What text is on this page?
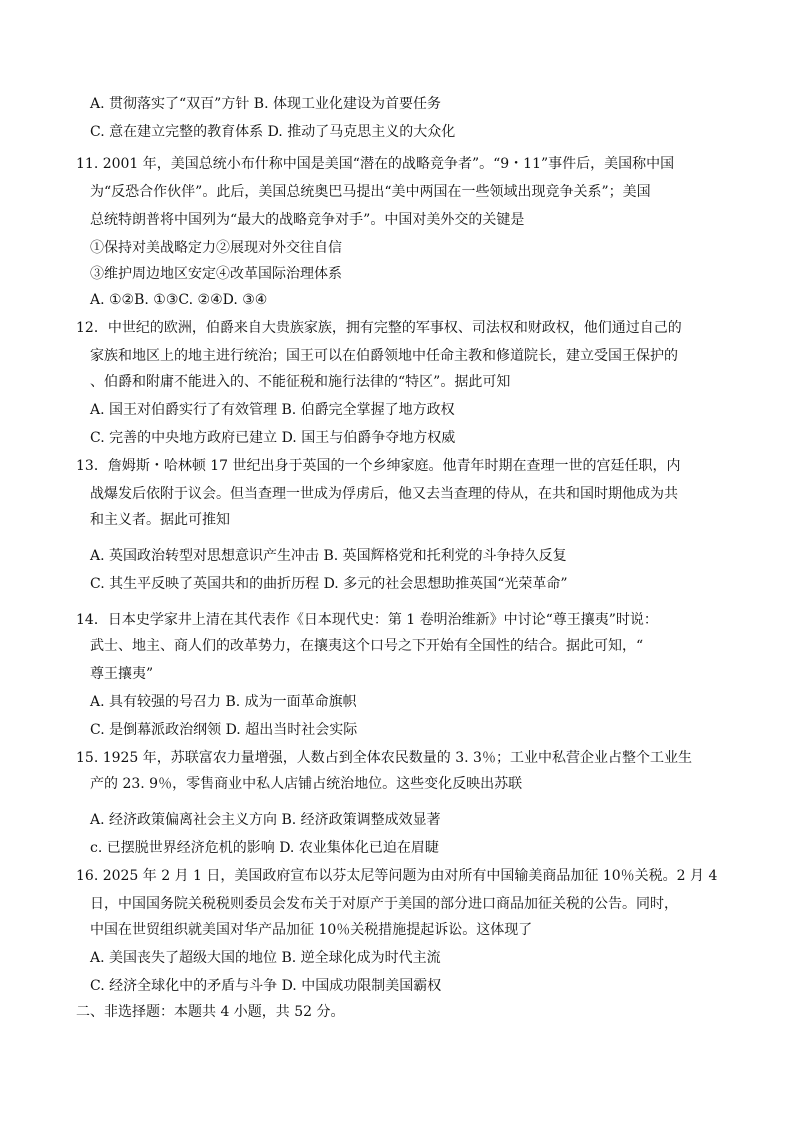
A. 贯彻落实了“双百”方针 B. 体现工业化建设为首要任务
C. 意在建立完整的教育体系 D. 推动了马克思主义的大众化
11. 2001 年，美国总统小布什称中国是美国“潜在的战略竞争者”。“9・11”事件后，美国称中国
为“反恐合作伙伴”。此后，美国总统奥巴马提出“美中两国在一些领域出现竞争关系”；美国
总统特朗普将中国列为“最大的战略竞争对手”。中国对美外交的关键是
①保持对美战略定力②展现对外交往自信
③维护周边地区安定④改革国际治理体系
A. ①②B. ①③C. ②④D. ③④
12．中世纪的欧洲，伯爵来自大贵族家族，拥有完整的军事权、司法权和财政权，他们通过自己的
家族和地区上的地主进行统治；国王可以在伯爵领地中任命主教和修道院长，建立受国王保护的
、伯爵和附庸不能进入的、不能征税和施行法律的“特区”。据此可知
A. 国王对伯爵实行了有效管理 B. 伯爵完全掌握了地方政权
C. 完善的中央地方政府已建立 D. 国王与伯爵争夺地方权威
13．詹姆斯・哈林顿 17 世纪出身于英国的一个乡绅家庭。他青年时期在查理一世的宫廷任职，内
战爆发后依附于议会。但当查理一世成为俘虏后，他又去当查理的侍从，在共和国时期他成为共
和主义者。据此可推知
A. 英国政治转型对思想意识产生冲击 B. 英国辉格党和托利党的斗争持久反复
C. 其生平反映了英国共和的曲折历程 D. 多元的社会思想助推英国“光荣革命”
14．日本史学家井上清在其代表作《日本现代史：第 1 卷明治维新》中讨论“尊王攘夷”时说：
武士、地主、商人们的改革势力，在攘夷这个口号之下开始有全国性的结合。据此可知，“
尊王攘夷”
A. 具有较强的号召力 B. 成为一面革命旗帜
C. 是倒幕派政治纲领 D. 超出当时社会实际
15. 1925 年，苏联富农力量增强，人数占到全体农民数量的 3. 3％；工业中私营企业占整个工业生
产的 23. 9％，零售商业中私人店铺占统治地位。这些变化反映出苏联
A. 经济政策偏离社会主义方向 B. 经济政策调整成效显著
c. 已摆脱世界经济危机的影响 D. 农业集体化已迫在眉睫
16. 2025 年 2 月 1 日，美国政府宣布以芬太尼等问题为由对所有中国输美商品加征 10％关税。2 月 4
日，中国国务院关税税则委员会发布关于对原产于美国的部分进口商品加征关税的公告。同时，
中国在世贸组织就美国对华产品加征 10％关税措施提起诉讼。这体现了
A. 美国丧失了超级大国的地位 B. 逆全球化成为时代主流
C. 经济全球化中的矛盾与斗争 D. 中国成功限制美国霸权
二、非选择题：本题共 4 小题，共 52 分。
